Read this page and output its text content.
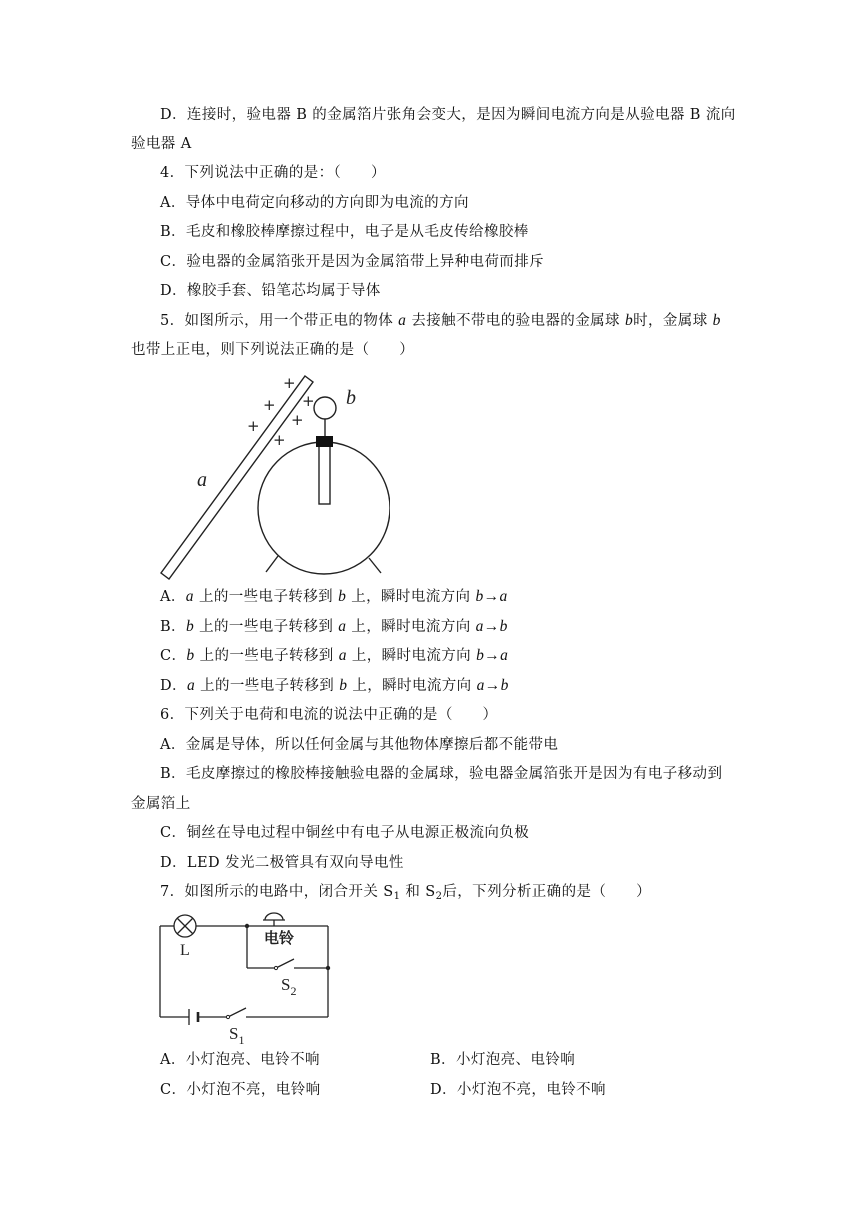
D．连接时，验电器 B 的金属箔片张角会变大，是因为瞬间电流方向是从验电器 B 流向
验电器 A
4．下列说法中正确的是：（　　）
A．导体中电荷定向移动的方向即为电流的方向
B．毛皮和橡胶棒摩擦过程中，电子是从毛皮传给橡胶棒
C．验电器的金属箔张开是因为金属箔带上异种电荷而排斥
D．橡胶手套、铅笔芯均属于导体
5．如图所示，用一个带正电的物体 a 去接触不带电的验电器的金属球 b时，金属球 b
也带上正电，则下列说法正确的是（　　）
+
+ +
+ +
+
a
b
A．a 上的一些电子转移到 b 上，瞬时电流方向 b→a
B．b 上的一些电子转移到 a 上，瞬时电流方向 a→b
C．b 上的一些电子转移到 a 上，瞬时电流方向 b→a
D．a 上的一些电子转移到 b 上，瞬时电流方向 a→b
6．下列关于电荷和电流的说法中正确的是（　　）
A．金属是导体，所以任何金属与其他物体摩擦后都不能带电
B．毛皮摩擦过的橡胶棒接触验电器的金属球，验电器金属箔张开是因为有电子移动到
金属箔上
C．铜丝在导电过程中铜丝中有电子从电源正极流向负极
D．LED 发光二极管具有双向导电性
7．如图所示的电路中，闭合开关 $S_1$ 和 $S_2$后，下列分析正确的是（　　）
L
电铃
$S_2$
$S_1$
A．小灯泡亮、电铃不响	B．小灯泡亮、电铃响
C．小灯泡不亮，电铃响	D．小灯泡不亮，电铃不响
